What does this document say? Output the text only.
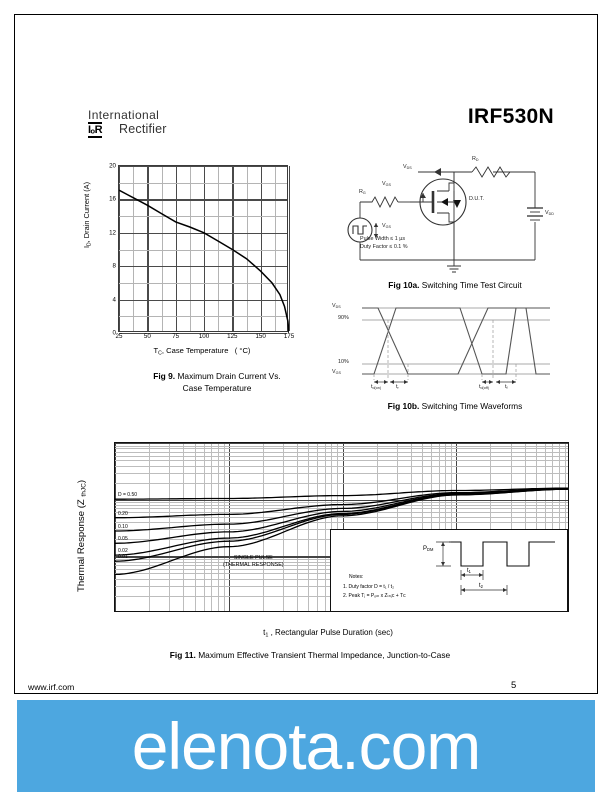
International
IₒR Rectifier
IRF530N
$I_D$, Drain Current (A)
0
4
8
12
16
20
25	50	75	100	125	150	175
$T_C$, Case Temperature   ( °C)
Fig 9. Maximum Drain Current Vs.
Case Temperature
$V_{DS}$
$V_{GS}$
$R_D$
$R_G$
D.U.T.
$V_{DD}$
$V_{GS}$
Pulse Width ≤ 1 µs
Duty Factor ≤ 0.1 %
Fig 10a. Switching Time Test Circuit
$V_{DS}$
90%
10%
$V_{GS}$
$t_{d(on)}$	$t_r$	$t_{d(off)}$	$t_f$
Fig 10b. Switching Time Waveforms
Thermal Response (Z $_{thJC}$)
D = 0.50
0.20
0.10
0.05
0.02
0.01	SINGLE PULSE
(THERMAL RESPONSE)
Notes:
1. Duty factor D = t₁ / t₂
2. Peak Tⱼ = Pₒₘ x Zₜₕⱼᴄ + Tᴄ
$P_{DM}$
$t_1$
$t_2$
$t_1$ , Rectangular Pulse Duration (sec)
Fig 11. Maximum Effective Transient Thermal Impedance, Junction-to-Case
www.irf.com	5
elenota.com
